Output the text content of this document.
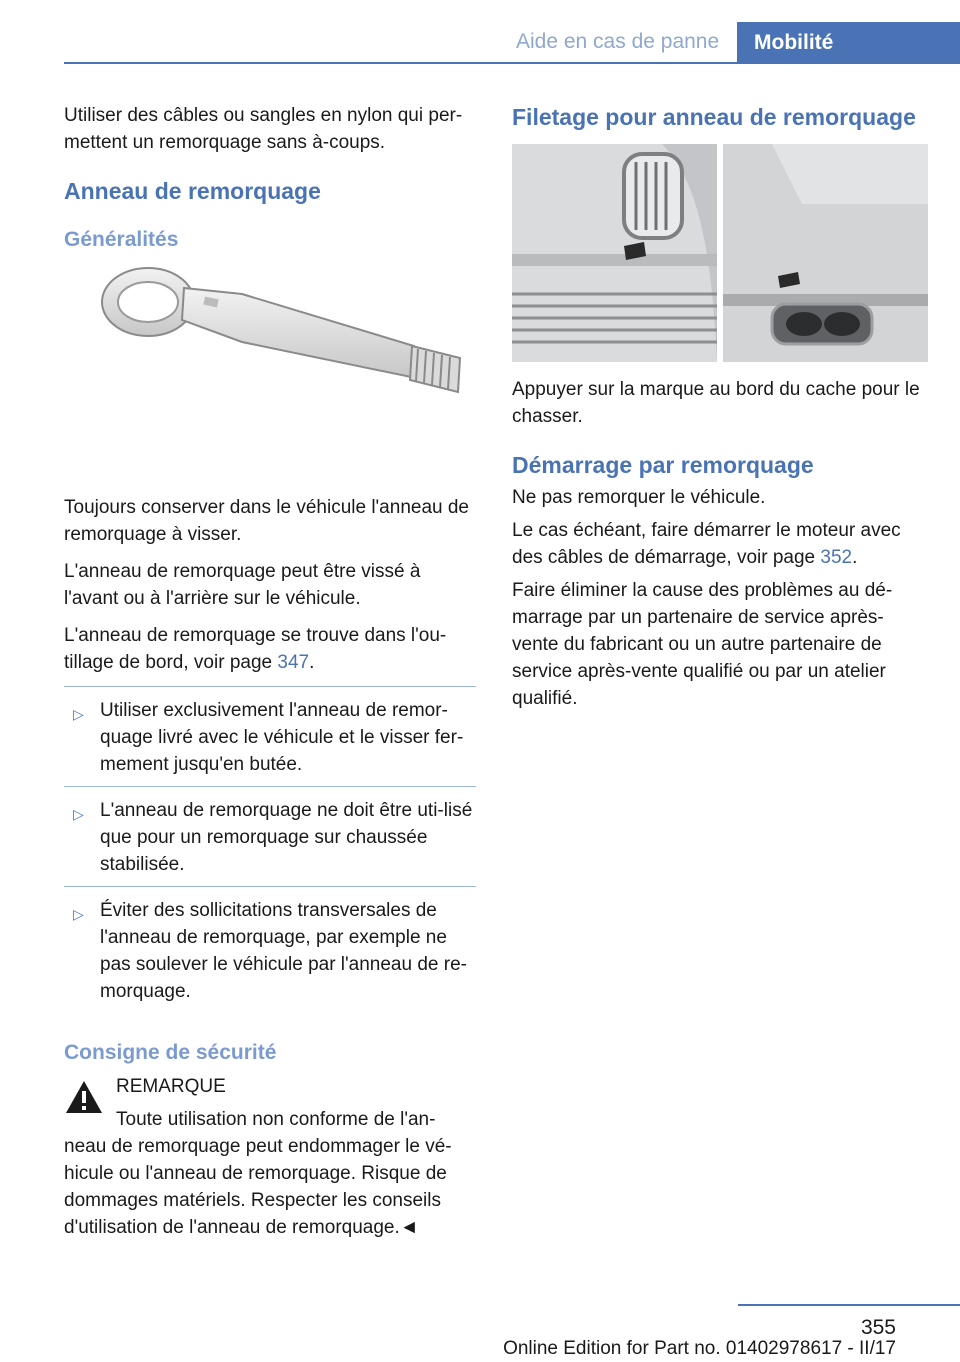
Aide en cas de panne Mobilité

Utiliser des câbles ou sangles en nylon qui per‐mettent un remorquage sans à-coups.

Anneau de remorquage
Généralités

Toujours conserver dans le véhicule l'anneau de remorquage à visser.

L'anneau de remorquage peut être vissé à l'avant ou à l'arrière sur le véhicule.

L'anneau de remorquage se trouve dans l'ou‐tillage de bord, voir page 347.

▷ Utiliser exclusivement l'anneau de remor‐quage livré avec le véhicule et le visser fer‐mement jusqu'en butée.
▷ L'anneau de remorquage ne doit être uti‐lisé que pour un remorquage sur chaussée stabilisée.
▷ Éviter des sollicitations transversales de l'anneau de remorquage, par exemple ne pas soulever le véhicule par l'anneau de re‐morquage.
Consigne de sécurité

REMARQUE

Toute utilisation non conforme de l'an‐neau de remorquage peut endommager le vé‐hicule ou l'anneau de remorquage. Risque de dommages matériels. Respecter les conseils d'utilisation de l'anneau de remorquage.◄

Filetage pour anneau de remorquage

Appuyer sur la marque au bord du cache pour le chasser.

Démarrage par remorquage

Ne pas remorquer le véhicule.

Le cas échéant, faire démarrer le moteur avec des câbles de démarrage, voir page 352.

Faire éliminer la cause des problèmes au dé‐marrage par un partenaire de service après-vente du fabricant ou un autre partenaire de service après-vente qualifié ou par un atelier qualifié.

355
Online Edition for Part no. 01402978617 - II/17
